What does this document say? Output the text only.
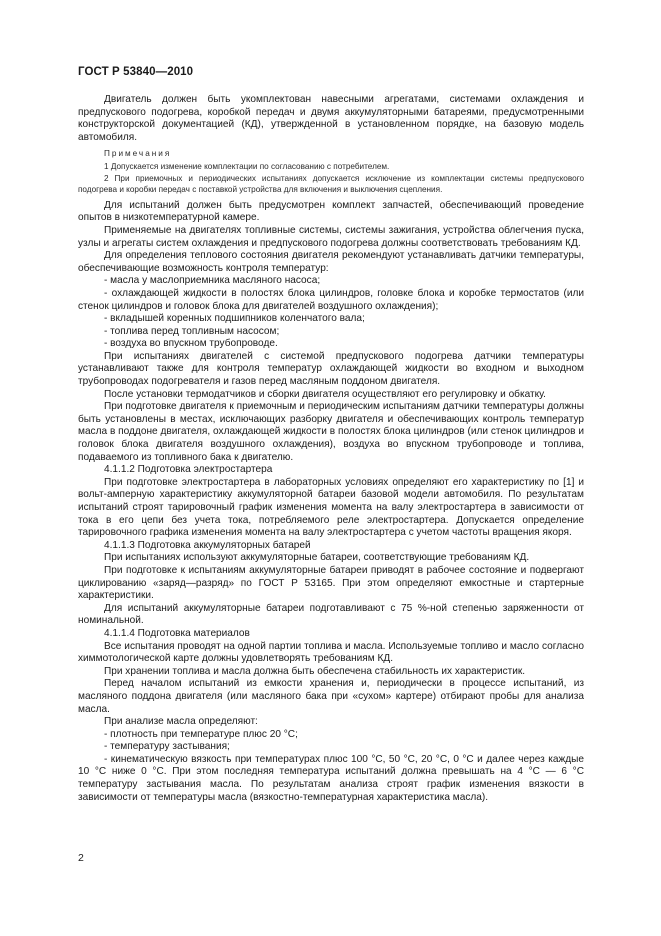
ГОСТ Р 53840—2010

Двигатель должен быть укомплектован навесными агрегатами, системами охлаждения и предпускового подогрева, коробкой передач и двумя аккумуляторными батареями, предусмотренными конструкторской документацией (КД), утвержденной в установленном порядке, на базовую модель автомобиля.

Примечания

1 Допускается изменение комплектации по согласованию с потребителем.

2 При приемочных и периодических испытаниях допускается исключение из комплектации системы предпускового подогрева и коробки передач с поставкой устройства для включения и выключения сцепления.

Для испытаний должен быть предусмотрен комплект запчастей, обеспечивающий проведение опытов в низкотемпературной камере.

Применяемые на двигателях топливные системы, системы зажигания, устройства облегчения пуска, узлы и агрегаты систем охлаждения и предпускового подогрева должны соответствовать требованиям КД.

Для определения теплового состояния двигателя рекомендуют устанавливать датчики температуры, обеспечивающие возможность контроля температур:

- масла у маслоприемника масляного насоса;

- охлаждающей жидкости в полостях блока цилиндров, головке блока и коробке термостатов (или стенок цилиндров и головок блока для двигателей воздушного охлаждения);

- вкладышей коренных подшипников коленчатого вала;

- топлива перед топливным насосом;

- воздуха во впускном трубопроводе.

При испытаниях двигателей с системой предпускового подогрева датчики температуры устанавливают также для контроля температур охлаждающей жидкости во входном и выходном трубопроводах подогревателя и газов перед масляным поддоном двигателя.

После установки термодатчиков и сборки двигателя осуществляют его регулировку и обкатку.

При подготовке двигателя к приемочным и периодическим испытаниям датчики температуры должны быть установлены в местах, исключающих разборку двигателя и обеспечивающих контроль температур масла в поддоне двигателя, охлаждающей жидкости в полостях блока цилиндров (или стенок цилиндров и головок блока двигателя воздушного охлаждения), воздуха во впускном трубопроводе и топлива, подаваемого из топливного бака к двигателю.

4.1.1.2 Подготовка электростартера

При подготовке электростартера в лабораторных условиях определяют его характеристику по [1] и вольт-амперную характеристику аккумуляторной батареи базовой модели автомобиля. По результатам испытаний строят тарировочный график изменения момента на валу электростартера в зависимости от тока в его цепи без учета тока, потребляемого реле электростартера. Допускается определение тарировочного графика изменения момента на валу электростартера с учетом частоты вращения якоря.

4.1.1.3 Подготовка аккумуляторных батарей

При испытаниях используют аккумуляторные батареи, соответствующие требованиям КД.

При подготовке к испытаниям аккумуляторные батареи приводят в рабочее состояние и подвергают циклированию «заряд—разряд» по ГОСТ Р 53165. При этом определяют емкостные и стартерные характеристики.

Для испытаний аккумуляторные батареи подготавливают с 75 %-ной степенью заряженности от номинальной.

4.1.1.4 Подготовка материалов

Все испытания проводят на одной партии топлива и масла. Используемые топливо и масло согласно химмотологической карте должны удовлетворять требованиям КД.

При хранении топлива и масла должна быть обеспечена стабильность их характеристик.

Перед началом испытаний из емкости хранения и, периодически в процессе испытаний, из масляного поддона двигателя (или масляного бака при «сухом» картере) отбирают пробы для анализа масла.

При анализе масла определяют:

- плотность при температуре плюс 20 °С;

- температуру застывания;

- кинематическую вязкость при температурах плюс 100 °С, 50 °С, 20 °С, 0 °С и далее через каждые 10 °С ниже 0 °С. При этом последняя температура испытаний должна превышать на 4 °С — 6 °С температуру застывания масла. По результатам анализа строят график изменения вязкости в зависимости от температуры масла (вязкостно-температурная характеристика масла).

2
